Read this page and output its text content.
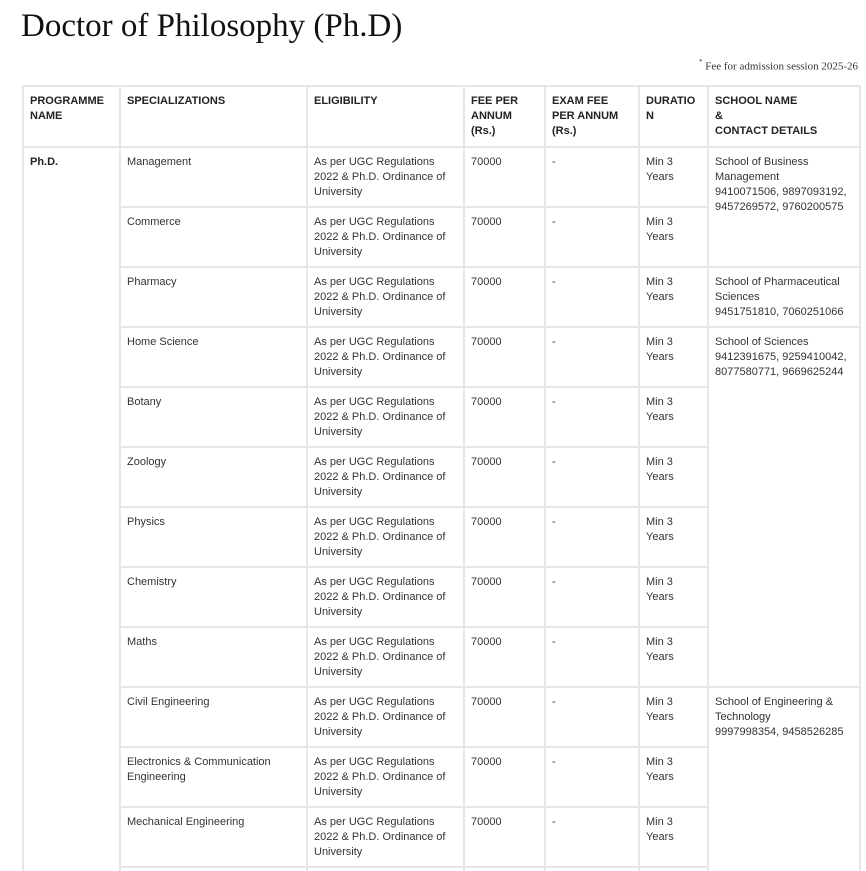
Doctor of Philosophy (Ph.D)
* Fee for admission session 2025-26
PROGRAMME NAME	SPECIALIZATIONS	ELIGIBILITY	FEE PER ANNUM (Rs.)	EXAM FEE PER ANNUM (Rs.)	DURATION	SCHOOL NAME
&
CONTACT DETAILS
Ph.D.	Management	As per UGC Regulations 2022 & Ph.D. Ordinance of University	70000	-	Min 3 Years	School of Business Management
9410071506, 9897093192, 9457269572, 9760200575
	Commerce	As per UGC Regulations 2022 & Ph.D. Ordinance of University	70000	-	Min 3 Years	
	Pharmacy	As per UGC Regulations 2022 & Ph.D. Ordinance of University	70000	-	Min 3 Years	School of Pharmaceutical Sciences
9451751810, 7060251066
	Home Science	As per UGC Regulations 2022 & Ph.D. Ordinance of University	70000	-	Min 3 Years	School of Sciences
9412391675, 9259410042, 8077580771, 9669625244
	Botany	As per UGC Regulations 2022 & Ph.D. Ordinance of University	70000	-	Min 3 Years	
	Zoology	As per UGC Regulations 2022 & Ph.D. Ordinance of University	70000	-	Min 3 Years	
	Physics	As per UGC Regulations 2022 & Ph.D. Ordinance of University	70000	-	Min 3 Years	
	Chemistry	As per UGC Regulations 2022 & Ph.D. Ordinance of University	70000	-	Min 3 Years	
	Maths	As per UGC Regulations 2022 & Ph.D. Ordinance of University	70000	-	Min 3 Years	
	Civil Engineering	As per UGC Regulations 2022 & Ph.D. Ordinance of University	70000	-	Min 3 Years	School of Engineering & Technology
9997998354, 9458526285
	Electronics & Communication Engineering	As per UGC Regulations 2022 & Ph.D. Ordinance of University	70000	-	Min 3 Years	
	Mechanical Engineering	As per UGC Regulations 2022 & Ph.D. Ordinance of University	70000	-	Min 3 Years	
